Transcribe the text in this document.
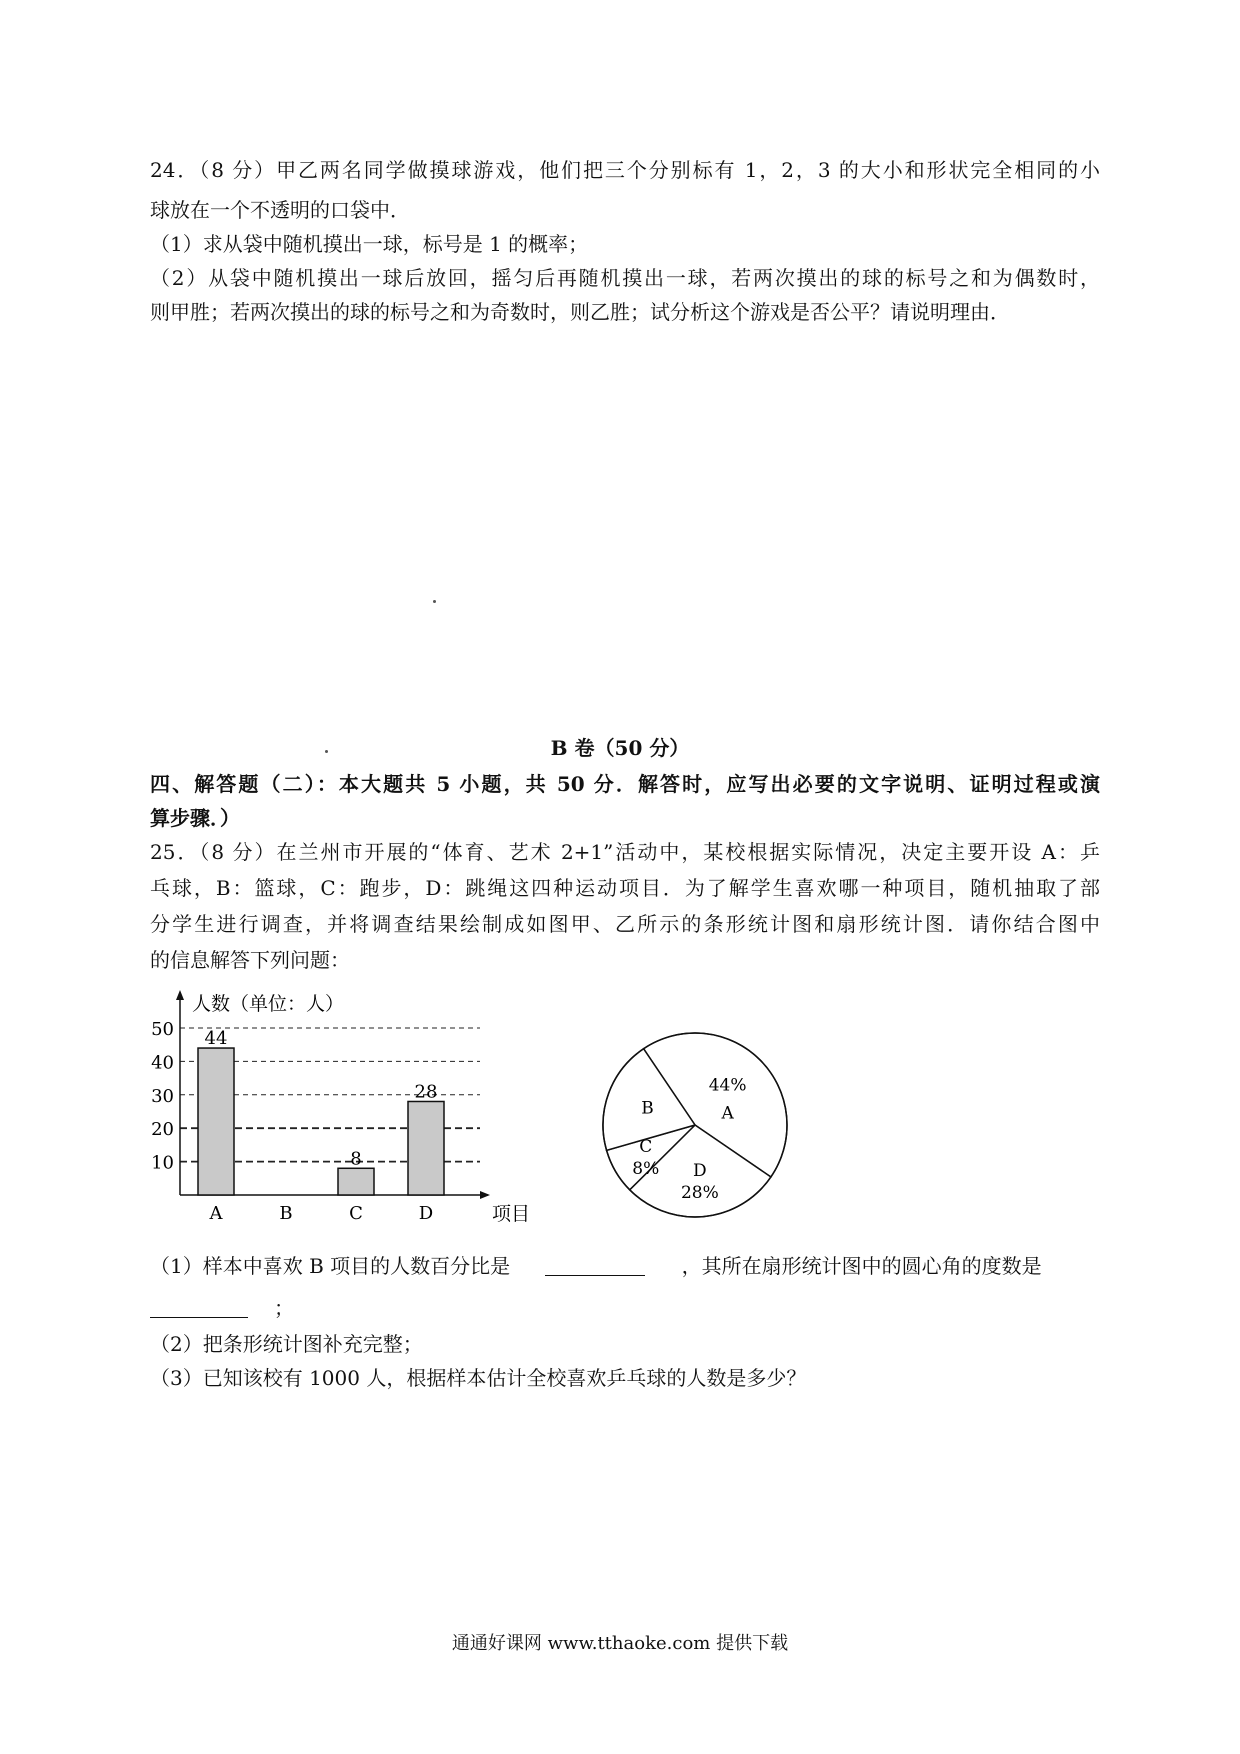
24．（8 分）甲乙两名同学做摸球游戏，他们把三个分别标有 1，2，3 的大小和形状完全相同的小
球放在一个不透明的口袋中．
（1）求从袋中随机摸出一球，标号是 1 的概率；
（2）从袋中随机摸出一球后放回，摇匀后再随机摸出一球，若两次摸出的球的标号之和为偶数时，
则甲胜；若两次摸出的球的标号之和为奇数时，则乙胜；试分析这个游戏是否公平？请说明理由．
B 卷（50 分）
四、解答题（二）：本大题共 5 小题，共 50 分．解答时，应写出必要的文字说明、证明过程或演
算步骤．）
25．（8 分）在兰州市开展的“体育、艺术 2+1”活动中，某校根据实际情况，决定主要开设 A：乒
乓球，B：篮球，C：跑步，D：跳绳这四种运动项目．为了解学生喜欢哪一种项目，随机抽取了部
分学生进行调查，并将调查结果绘制成如图甲、乙所示的条形统计图和扇形统计图．请你结合图中
的信息解答下列问题：
10
20
30
40
50 44
A	B
8
C
28
D
人数（单位：人）
项目
A
44%
D
28%
C
8%
B
（1）样本中喜欢 B 项目的人数百分比是	，其所在扇形统计图中的圆心角的度数是
；
（2）把条形统计图补充完整；
（3）已知该校有 1000 人，根据样本估计全校喜欢乒乓球的人数是多少？
通通好课网 www.tthaoke.com 提供下载
